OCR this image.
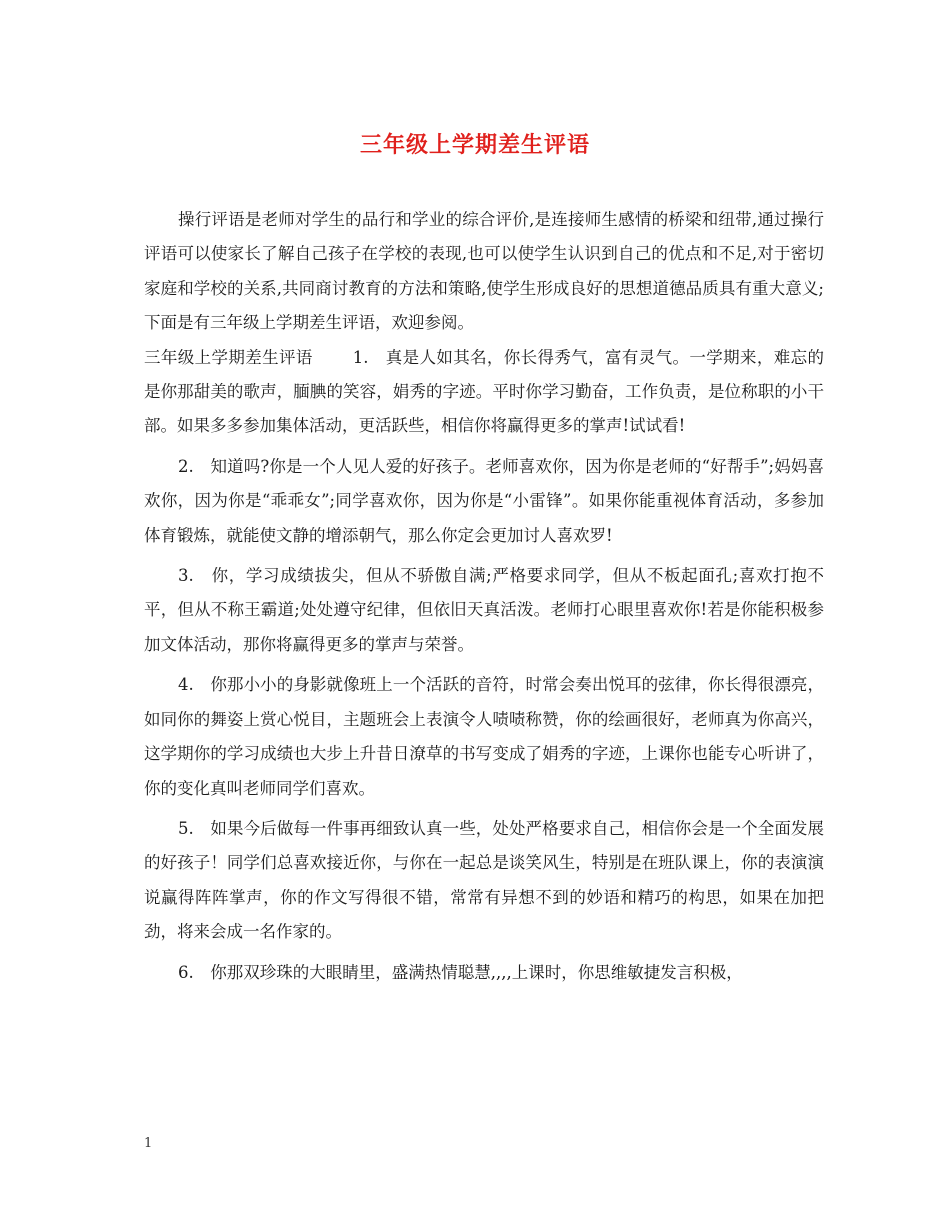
三年级上学期差生评语

操行评语是老师对学生的品行和学业的综合评价,是连接师生感情的桥梁和纽带,通过操行评语可以使家长了解自己孩子在学校的表现,也可以使学生认识到自己的优点和不足,对于密切家庭和学校的关系,共同商讨教育的方法和策略,使学生形成良好的思想道德品质具有重大意义;下面是有三年级上学期差生评语，欢迎参阅。

三年级上学期差生评语 1.　真是人如其名，你长得秀气，富有灵气。一学期来，难忘的是你那甜美的歌声，腼腆的笑容，娟秀的字迹。平时你学习勤奋，工作负责，是位称职的小干部。如果多多参加集体活动，更活跃些，相信你将赢得更多的掌声!试试看!

2.　知道吗?你是一个人见人爱的好孩子。老师喜欢你，因为你是老师的“好帮手”;妈妈喜欢你，因为你是“乖乖女”;同学喜欢你，因为你是“小雷锋”。如果你能重视体育活动，多参加体育锻炼，就能使文静的增添朝气，那么你定会更加讨人喜欢罗!

3.　你，学习成绩拔尖，但从不骄傲自满;严格要求同学，但从不板起面孔;喜欢打抱不平，但从不称王霸道;处处遵守纪律，但依旧天真活泼。老师打心眼里喜欢你!若是你能积极参加文体活动，那你将赢得更多的掌声与荣誉。

4.　你那小小的身影就像班上一个活跃的音符，时常会奏出悦耳的弦律，你长得很漂亮，如同你的舞姿上赏心悦目，主题班会上表演令人啧啧称赞，你的绘画很好，老师真为你高兴，这学期你的学习成绩也大步上升昔日潦草的书写变成了娟秀的字迹，上课你也能专心听讲了，你的变化真叫老师同学们喜欢。

5.　如果今后做每一件事再细致认真一些，处处严格要求自己，相信你会是一个全面发展的好孩子！同学们总喜欢接近你，与你在一起总是谈笑风生，特别是在班队课上，你的表演演说赢得阵阵掌声，你的作文写得很不错，常常有异想不到的妙语和精巧的构思，如果在加把劲，将来会成一名作家的。

6.　你那双珍珠的大眼睛里，盛满热情聪慧,,,,上课时，你思维敏捷发言积极，

1
